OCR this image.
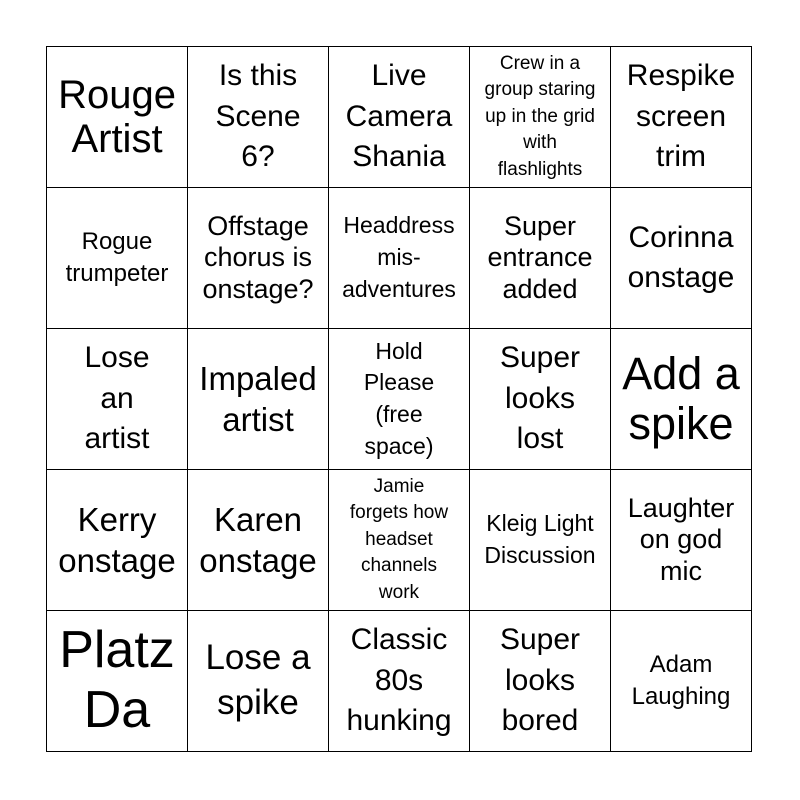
Rouge
Artist
Is this
Scene
6?
Live
Camera
Shania
Crew in a
group staring
up in the grid
with
flashlights
Respike
screen
trim
Rogue
trumpeter
Offstage
chorus is
onstage?
Headdress
mis-
adventures
Super
entrance
added
Corinna
onstage
Lose
an
artist
Impaled
artist
Hold
Please
(free
space)
Super
looks
lost
Add a
spike
Kerry
onstage
Karen
onstage
Jamie
forgets how
headset
channels
work
Kleig Light
Discussion
Laughter
on god
mic
Platz
Da
Lose a
spike
Classic
80s
hunking
Super
looks
bored
Adam
Laughing
